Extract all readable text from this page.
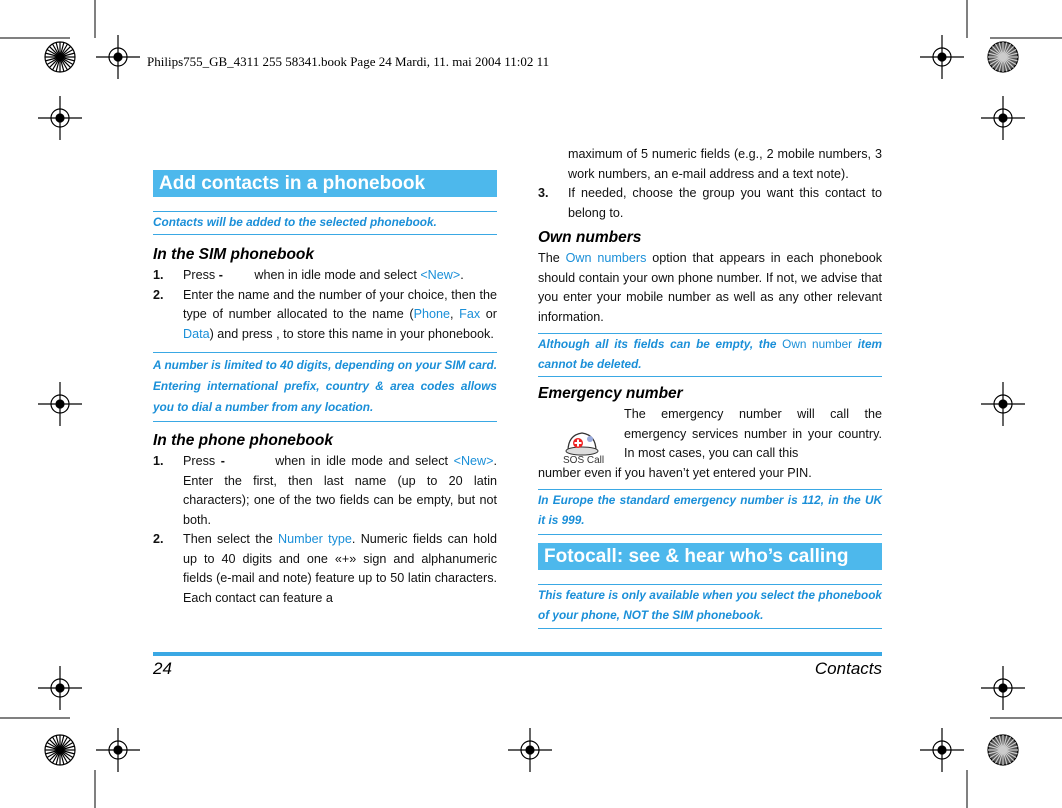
Philips755_GB_4311 255 58341.book Page 24 Mardi, 11. mai 2004 11:02 11
Add contacts in a phonebook
Contacts will be added to the selected phonebook.
In the SIM phonebook
1. Press -	when in idle mode and select <New>.
2. Enter the name and the number of your choice, then the type of number allocated to the name (Phone, Fax or Data) and press , to store this name in your phonebook.
A number is limited to 40 digits, depending on your SIM card. Entering international prefix, country & area codes allows you to dial a number from any location.
In the phone phonebook
1. Press -	when in idle mode and select <New>. Enter the first, then last name (up to 20 latin characters); one of the two fields can be empty, but not both.
2. Then select the Number type. Numeric fields can hold up to 40 digits and one «+» sign and alphanumeric fields (e-mail and note) feature up to 50 latin characters. Each contact can feature a
maximum of 5 numeric fields (e.g., 2 mobile numbers, 3 work numbers, an e-mail address and a text note).
3. If needed, choose the group you want this contact to belong to.
Own numbers
The Own numbers option that appears in each phonebook should contain your own phone number. If not, we advise that you enter your mobile number as well as any other relevant information.
Although all its fields can be empty, the Own number item cannot be deleted.
Emergency number
The emergency number will call the emergency services number in your country. In most cases, you can call this
number even if you haven’t yet entered your PIN.
In Europe the standard emergency number is 112, in the UK it is 999.
Fotocall: see & hear who’s calling
This feature is only available when you select the phonebook of your phone, NOT the SIM phonebook.
SOS Call
24	Contacts
